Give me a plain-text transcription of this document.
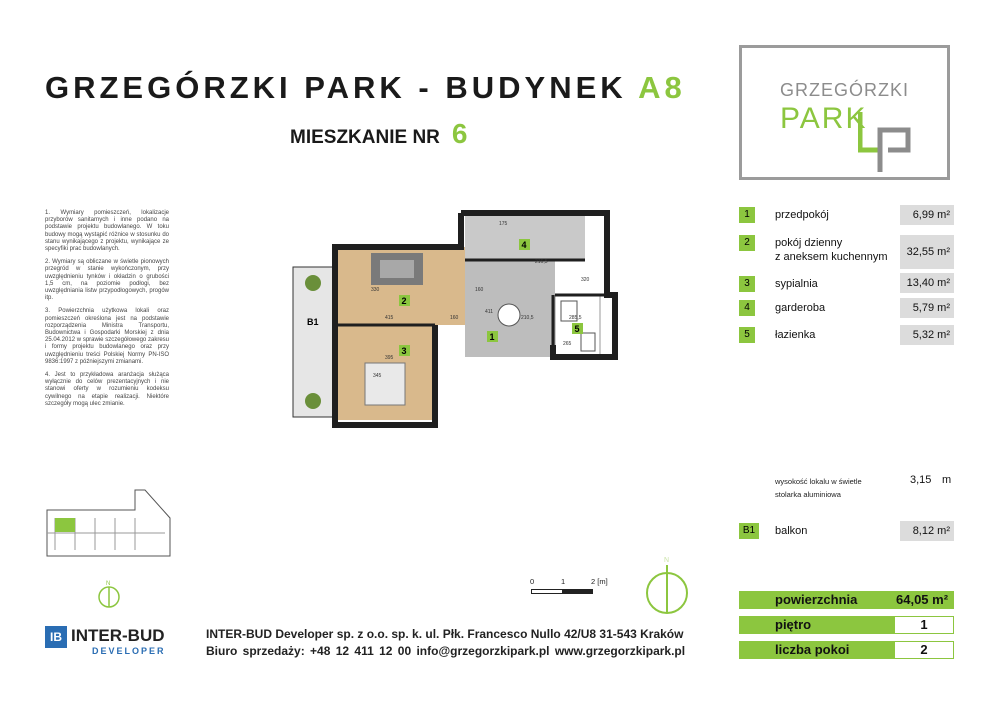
GRZEGÓRZKI PARK - BUDYNEK A8
MIESZKANIE NR 6
GRZEGÓRZKI
PARK

1. Wymiary pomieszczeń, lokalizacje przyborów sanitarnych i inne podano na podstawie projektu budowlanego. W toku budowy mogą wystąpić różnice w stosunku do stanu wynikającego z projektu, wynikające ze specyfiki prac budowlanych.

2. Wymiary są obliczane w świetle pionowych przegród w stanie wykończonym, przy uwzględnieniu tynków i okładzin o grubości 1,5 cm, na poziomie podłogi, bez uwzględniania listw przypodłogowych, progów itp.

3. Powierzchnia użytkowa lokali oraz pomieszczeń określona jest na podstawie rozporządzenia Ministra Transportu, Budownictwa i Gospodarki Morskiej z dnia 25.04.2012 w sprawie szczegółowego zakresu i formy projektu budowlanego oraz przy uwzględnieniu treści Polskiej Normy PN-ISO 9836:1997 z późniejszymi zmianami.

4. Jest to przykładowa aranżacja służąca wyłącznie do celów prezentacyjnych i nie stanowi oferty w rozumieniu kodeksu cywilnego na etapie realizacji. Niektóre szczegóły mogą ulec zmianie.

2
3
1
4
5
B1	415	160
411
210,5	285,5
395
345
330
320
265
175
216,5
160
N
N
0	1	2 [m]
1	przedpokój	6,99 m²
2	pokój dzienny
z aneksem kuchennym	32,55 m²
3	sypialnia	13,40 m²
4	garderoba	5,79 m²
5	łazienka	5,32 m²
wysokość lokalu w świetle	3,15 m
stolarka aluminiowa
B1	balkon	8,12 m²
powierzchnia	64,05 m²
piętro	1
liczba pokoi	2
IB INTER-BUD
DEVELOPER
INTER-BUD Developer sp. z o.o. sp. k. ul. Płk. Francesco Nullo 42/U8 31-543 Kraków
Biuro sprzedaży: +48 12 411 12 00 info@grzegorzkipark.pl www.grzegorzkipark.pl
